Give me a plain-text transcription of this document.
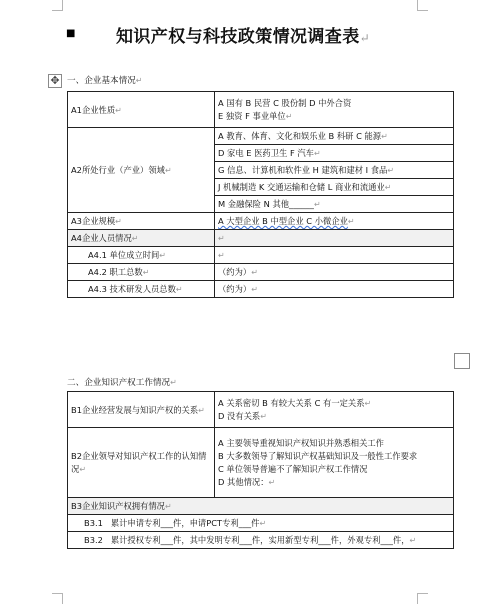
■ 知识产权与科技政策情况调查表↵
✥ 一、企业基本情况↵
A1企业性质↵	A 国有 B 民营 C 股份制 D 中外合资
E 独资 F 事业单位↵
A2所处行业（产业）领域↵	A 教育、体育、文化和娱乐业 B 科研 C 能源↵
	D 家电 E 医药卫生 F 汽车↵
	G 信息、计算机和软件业 H 建筑和建材 I 食品↵
	J 机械制造 K 交通运输和仓储 L 商业和流通业↵
	M 金融保险 N 其他______↵
A3企业规模↵	A 大型企业 B 中型企业 C 小微企业↵
A4企业人员情况↵	↵
A4.1 单位成立时间↵	↵
A4.2 职工总数↵	（约为）↵
A4.3 技术研发人员总数↵	（约为）↵
二、企业知识产权工作情况↵
B1企业经营发展与知识产权的关系↵	A 关系密切 B 有较大关系 C 有一定关系↵
D 没有关系↵
B2企业领导对知识产权工作的认知情况↵	A 主要领导重视知识产权知识并熟悉相关工作
B 大多数领导了解知识产权基础知识及一般性工作要求
C 单位领导普遍不了解知识产权工作情况
D 其他情况：↵
B3企业知识产权拥有情况↵	
B3.1 累计申请专利___件，申请PCT专利___件↵	
B3.2 累计授权专利___件，其中发明专利___件，实用新型专利___件，外观专利___件，↵	
